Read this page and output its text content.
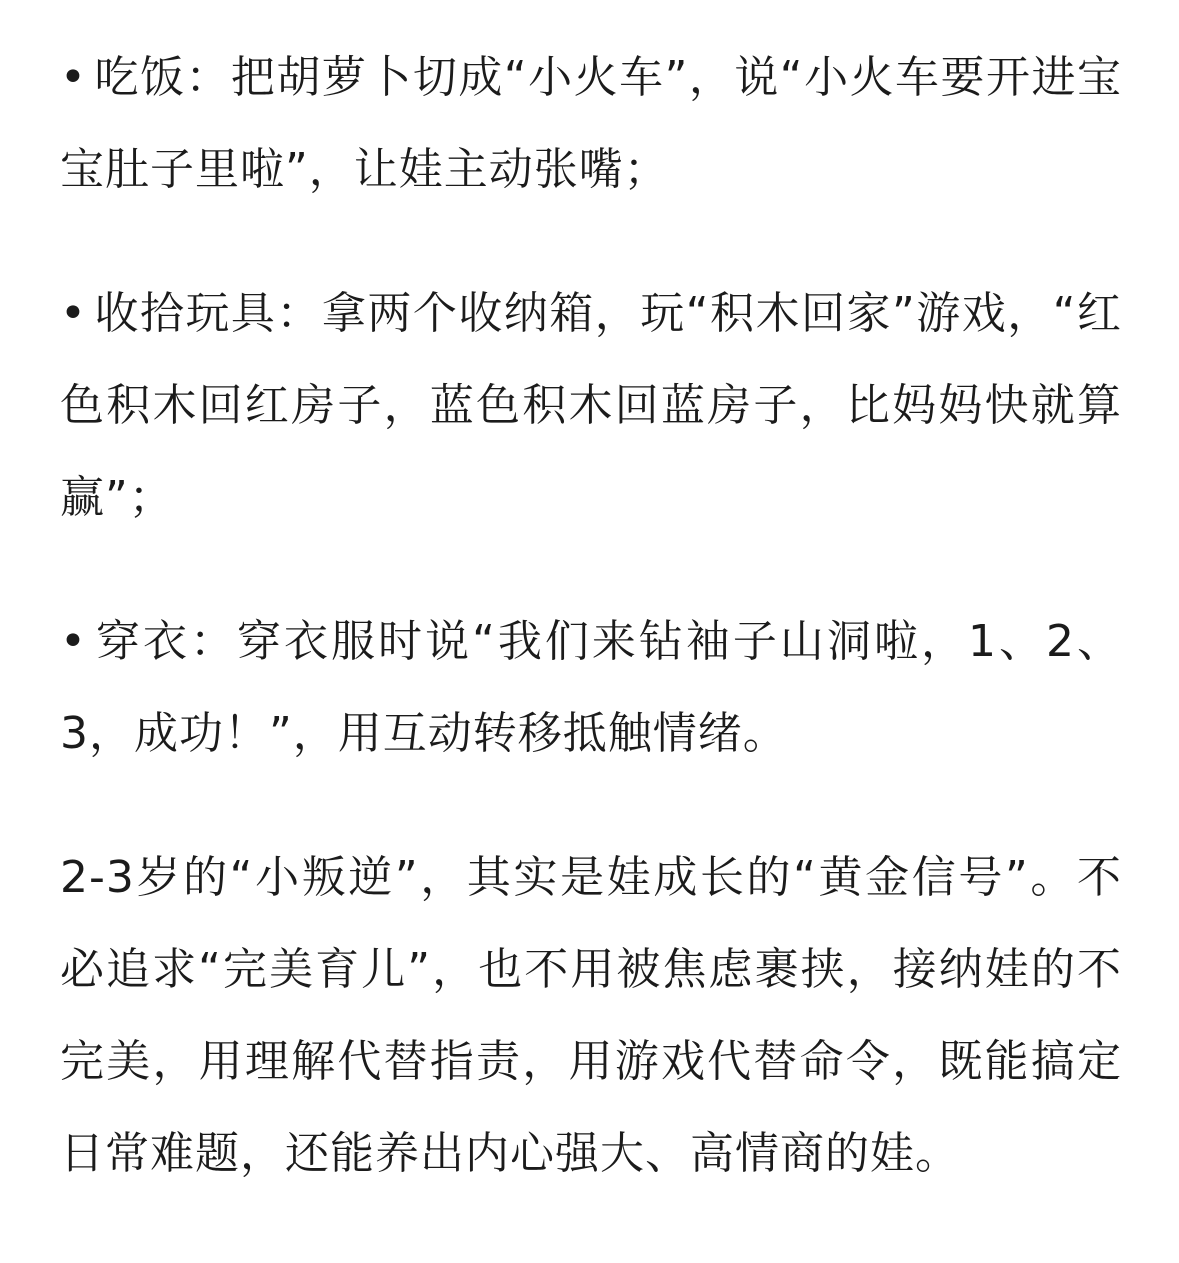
• 吃饭：把胡萝卜切成“小火车”，说“小火车要开进宝宝肚子里啦”，让娃主动张嘴；

• 收拾玩具：拿两个收纳箱，玩“积木回家”游戏，“红色积木回红房子，蓝色积木回蓝房子，比妈妈快就算赢”；

• 穿衣：穿衣服时说“我们来钻袖子山洞啦，1、2、3，成功！”，用互动转移抵触情绪。

2-3岁的“小叛逆”，其实是娃成长的“黄金信号”。不必追求“完美育儿”，也不用被焦虑裹挟，接纳娃的不完美，用理解代替指责，用游戏代替命令，既能搞定日常难题，还能养出内心强大、高情商的娃。
